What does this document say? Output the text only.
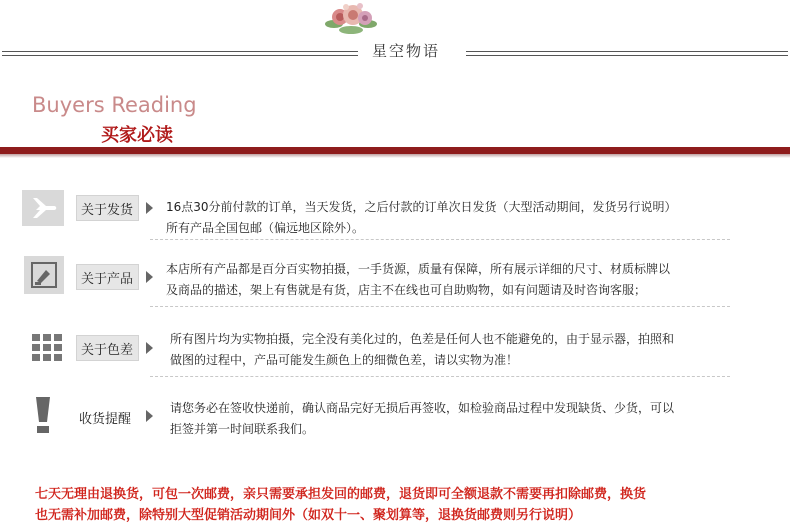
星空物语
Buyers Reading
买家必读
关于发货	16点30分前付款的订单，当天发货，之后付款的订单次日发货（大型活动期间，发货另行说明）
所有产品全国包邮（偏远地区除外）。
关于产品
本店所有产品都是百分百实物拍摄，一手货源，质量有保障，所有展示详细的尺寸、材质标牌以
及商品的描述，架上有售就是有货，店主不在线也可自助购物，如有问题请及时咨询客服；
关于色差
所有图片均为实物拍摄，完全没有美化过的，色差是任何人也不能避免的，由于显示器，拍照和
做图的过程中，产品可能发生颜色上的细微色差，请以实物为准！
收货提醒
请您务必在签收快递前，确认商品完好无损后再签收，如检验商品过程中发现缺货、少货，可以
拒签并第一时间联系我们。
七天无理由退换货，可包一次邮费，亲只需要承担发回的邮费，退货即可全额退款不需要再扣除邮费，换货
也无需补加邮费，除特别大型促销活动期间外（如双十一、聚划算等，退换货邮费则另行说明）
